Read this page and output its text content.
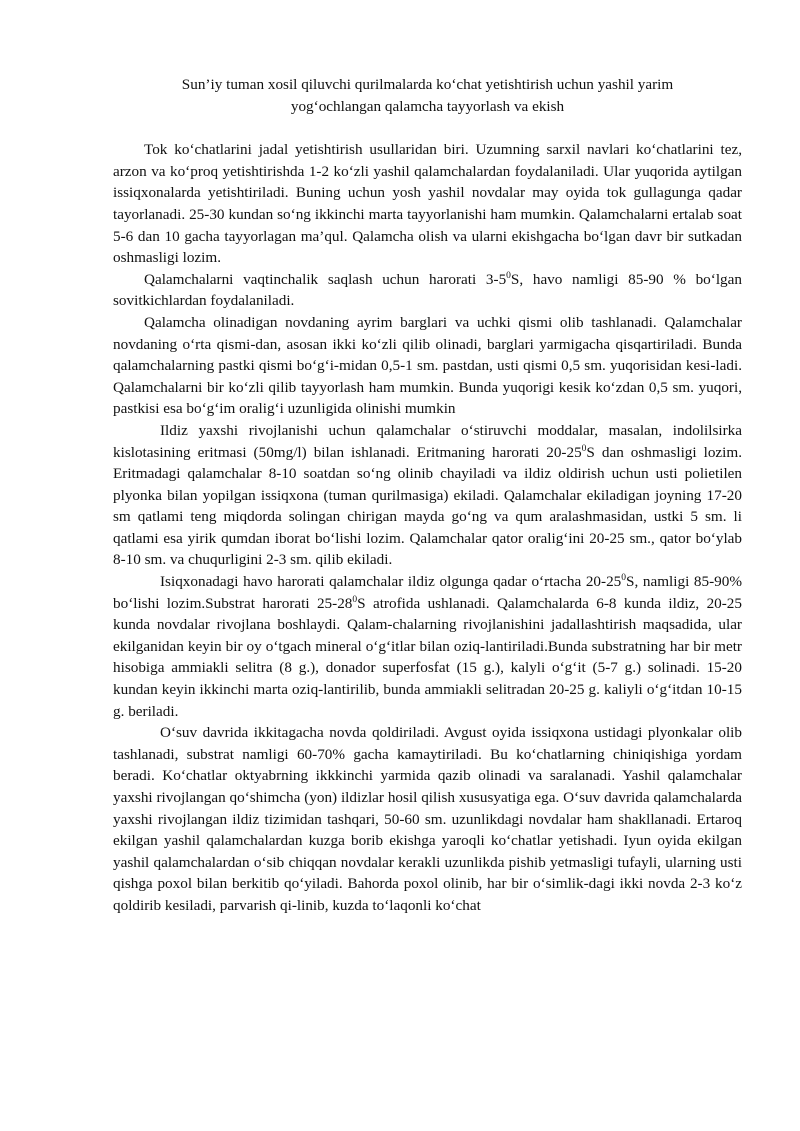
Sun’iy tuman xosil qiluvchi qurilmalarda ko‘chat yetishtirish uchun yashil yarim
yog‘ochlangan qalamcha tayyorlash va ekish

Tok ko‘chatlarini jadal yetishtirish usullaridan biri. Uzumning sarxil navlari ko‘chatlarini tez, arzon va ko‘proq yetishtirishda 1-2 ko‘zli yashil qalamchalardan foydalaniladi. Ular yuqorida aytilgan issiqxonalarda yetishtiriladi. Buning uchun yosh yashil novdalar may oyida tok gullagunga qadar tayorlanadi. 25-30 kundan so‘ng ikkinchi marta tayyorlanishi ham mumkin. Qalamchalarni ertalab soat 5-6 dan 10 gacha tayyorlagan ma’qul. Qalamcha olish va ularni ekishgacha bo‘lgan davr bir sutkadan oshmasligi lozim.

Qalamchalarni vaqtinchalik saqlash uchun harorati $3-5^0S$, havo namligi 85-90 % bo‘lgan sovitkichlardan foydalaniladi.

Qalamcha olinadigan novdaning ayrim barglari va uchki qismi olib tashlanadi. Qalamchalar novdaning o‘rta qismi-dan, asosan ikki ko‘zli qilib olinadi, barglari yarmigacha qisqartiriladi. Bunda qalamchalarning pastki qismi bo‘g‘i-midan 0,5-1 sm. pastdan, usti qismi 0,5 sm. yuqorisidan kesi-ladi. Qalamchalarni bir ko‘zli qilib tayyorlash ham mumkin. Bunda yuqorigi kesik ko‘zdan 0,5 sm. yuqori, pastkisi esa bo‘g‘im oralig‘i uzunligida olinishi mumkin

Ildiz yaxshi rivojlanishi uchun qalamchalar o‘stiruvchi moddalar, masalan, indolilsirka kislotasining eritmasi (50mg/l) bilan ishlanadi. Eritmaning harorati $20-25^0S$ dan oshmasligi lozim. Eritmadagi qalamchalar 8-10 soatdan so‘ng olinib chayiladi va ildiz oldirish uchun usti polietilen plyonka bilan yopilgan issiqxona (tuman qurilmasiga) ekiladi. Qalamchalar ekiladigan joyning 17-20 sm qatlami teng miqdorda solingan chirigan mayda go‘ng va qum aralashmasidan, ustki 5 sm. li qatlami esa yirik qumdan iborat bo‘lishi lozim. Qalamchalar qator oralig‘ini 20-25 sm., qator bo‘ylab 8-10 sm. va chuqurligini 2-3 sm. qilib ekiladi.

Isiqxonadagi havo harorati qalamchalar ildiz olgunga qadar o‘rtacha $20-25^0S$, namligi 85-90% bo‘lishi lozim.Substrat harorati $25-28^0S$ atrofida ushlanadi. Qalamchalarda 6-8 kunda ildiz, 20-25 kunda novdalar rivojlana boshlaydi. Qalam-chalarning rivojlanishini jadallashtirish maqsadida, ular ekilganidan keyin bir oy o‘tgach mineral o‘g‘itlar bilan oziq-lantiriladi.Bunda substratning har bir metr hisobiga ammiakli selitra (8 g.), donador superfosfat (15 g.), kalyli o‘g‘it (5-7 g.) solinadi. 15-20 kundan keyin ikkinchi marta oziq-lantirilib, bunda ammiakli selitradan 20-25 g. kaliyli o‘g‘itdan 10-15 g. beriladi.

O‘suv davrida ikkitagacha novda qoldiriladi. Avgust oyida issiqxona ustidagi plyonkalar olib tashlanadi, substrat namligi 60-70% gacha kamaytiriladi. Bu ko‘chatlarning chiniqishiga yordam beradi. Ko‘chatlar oktyabrning ikkkinchi yarmida qazib olinadi va saralanadi. Yashil qalamchalar yaxshi rivojlangan qo‘shimcha (yon) ildizlar hosil qilish xususyatiga ega. O‘suv davrida qalamchalarda yaxshi rivojlangan ildiz tizimidan tashqari, 50-60 sm. uzunlikdagi novdalar ham shakllanadi. Ertaroq ekilgan yashil qalamchalardan kuzga borib ekishga yaroqli ko‘chatlar yetishadi. Iyun oyida ekilgan yashil qalamchalardan o‘sib chiqqan novdalar kerakli uzunlikda pishib yetmasligi tufayli, ularning usti qishga poxol bilan berkitib qo‘yiladi. Bahorda poxol olinib, har bir o‘simlik-dagi ikki novda 2-3 ko‘z qoldirib kesiladi, parvarish qi-linib, kuzda to‘laqonli ko‘chat
